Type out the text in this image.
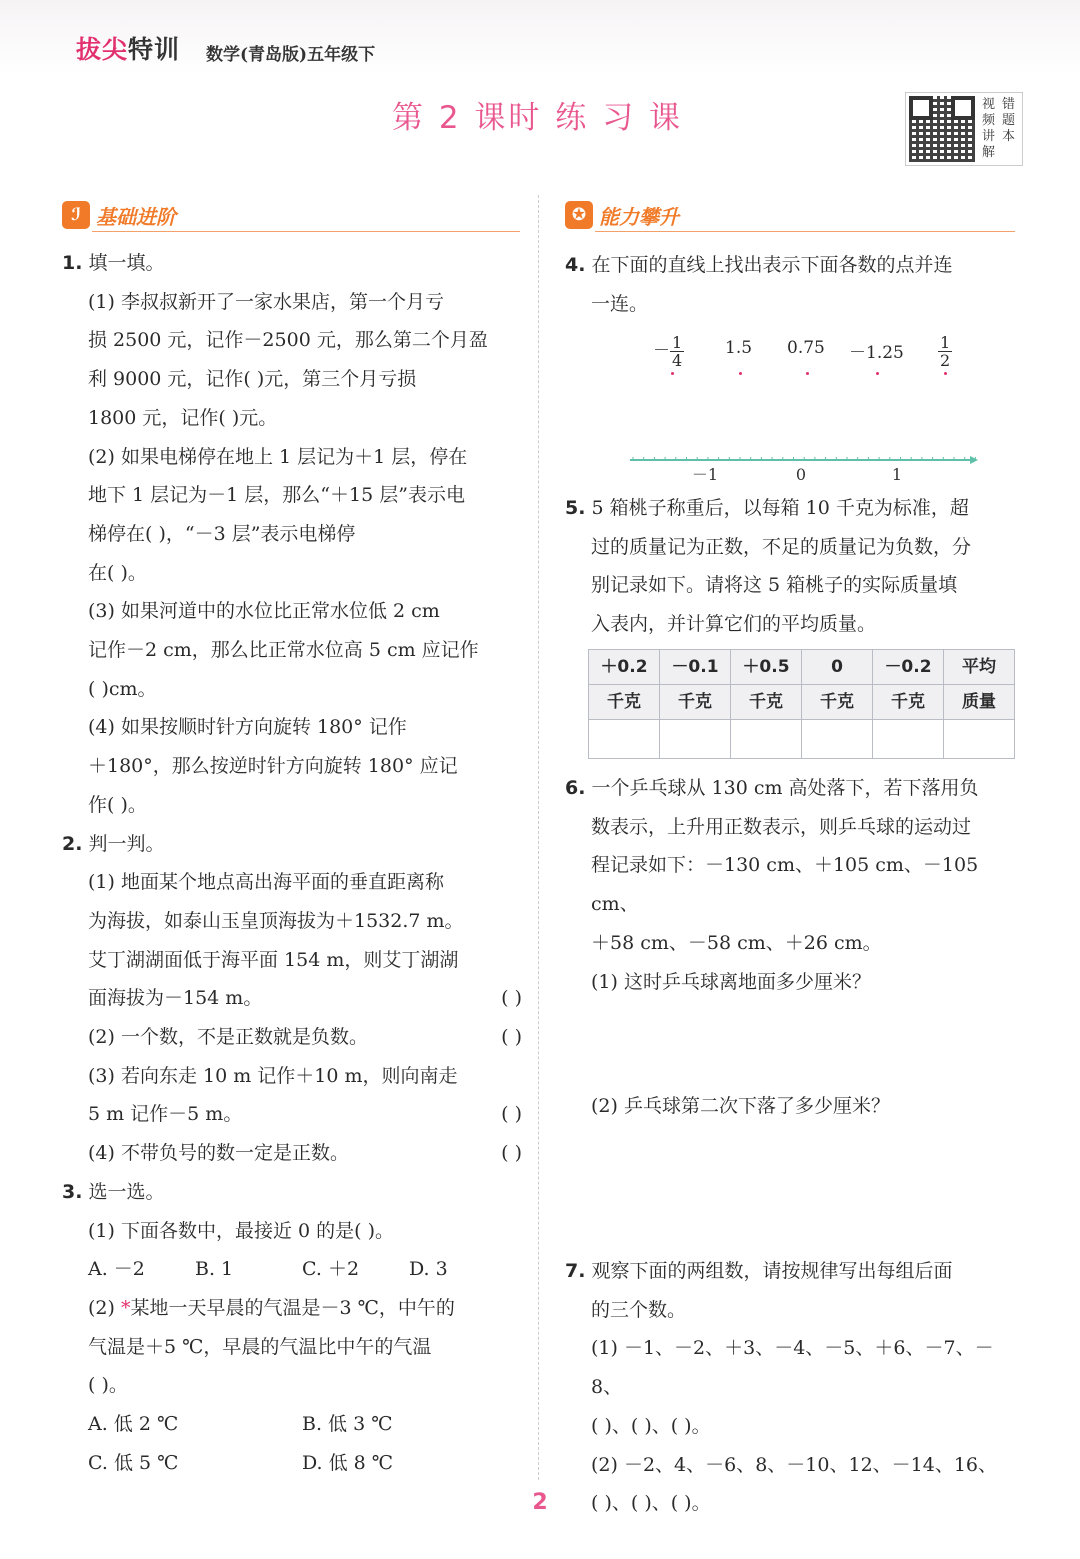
拔尖特训 数学(青岛版)五年级下
第 2 课时 练 习 课	视频讲解
错题本
ℐ 基础进阶

1. 填一填。

(1) 李叔叔新开了一家水果店，第一个月亏

损 2500 元，记作－2500 元，那么第二个月盈

利 9000 元，记作( )元，第三个月亏损

1800 元，记作( )元。

(2) 如果电梯停在地上 1 层记为＋1 层，停在

地下 1 层记为－1 层，那么“＋15 层”表示电

梯停在( )，“－3 层”表示电梯停

在( )。

(3) 如果河道中的水位比正常水位低 2 cm

记作－2 cm，那么比正常水位高 5 cm 应记作

( )cm。

(4) 如果按顺时针方向旋转 180° 记作

＋180°，那么按逆时针方向旋转 180° 应记

作( )。

2. 判一判。

(1) 地面某个地点高出海平面的垂直距离称

为海拔，如泰山玉皇顶海拔为＋1532.7 m。

艾丁湖湖面低于海平面 154 m，则艾丁湖湖

面海拔为－154 m。	( )

(2) 一个数，不是正数就是负数。	( )

(3) 若向东走 10 m 记作＋10 m，则向南走

5 m 记作－5 m。	( )

(4) 不带负号的数一定是正数。	( )

3. 选一选。

(1) 下面各数中，最接近 0 的是( )。

A. －2	B. 1	C. ＋2	D. 3

(2) *某地一天早晨的气温是－3 ℃，中午的

气温是＋5 ℃，早晨的气温比中午的气温

( )。

A. 低 2 ℃	B. 低 3 ℃

C. 低 5 ℃	D. 低 8 ℃

✪ 能力攀升

4. 在下面的直线上找出表示下面各数的点并连

一连。

－ $\frac{1}{4} 1.5$ $0.75 -1.25 \frac{1}{2}$
－1	0	1

5. 5 箱桃子称重后，以每箱 10 千克为标准，超

过的质量记为正数，不足的质量记为负数，分

别记录如下。请将这 5 箱桃子的实际质量填

入表内，并计算它们的平均质量。

＋0.2	－0.1	＋0.5	0	－0.2	平均
千克	千克	千克	千克	千克	质量

6. 一个乒乓球从 130 cm 高处落下，若下落用负

数表示，上升用正数表示，则乒乓球的运动过

程记录如下：－130 cm、＋105 cm、－105 cm、

＋58 cm、－58 cm、＋26 cm。

(1) 这时乒乓球离地面多少厘米？

(2) 乒乓球第二次下落了多少厘米？

7. 观察下面的两组数，请按规律写出每组后面

的三个数。

(1) －1、－2、＋3、－4、－5、＋6、－7、－8、

( )、( )、( )。

(2) －2、4、－6、8、－10、12、－14、16、

( )、( )、( )。

2
